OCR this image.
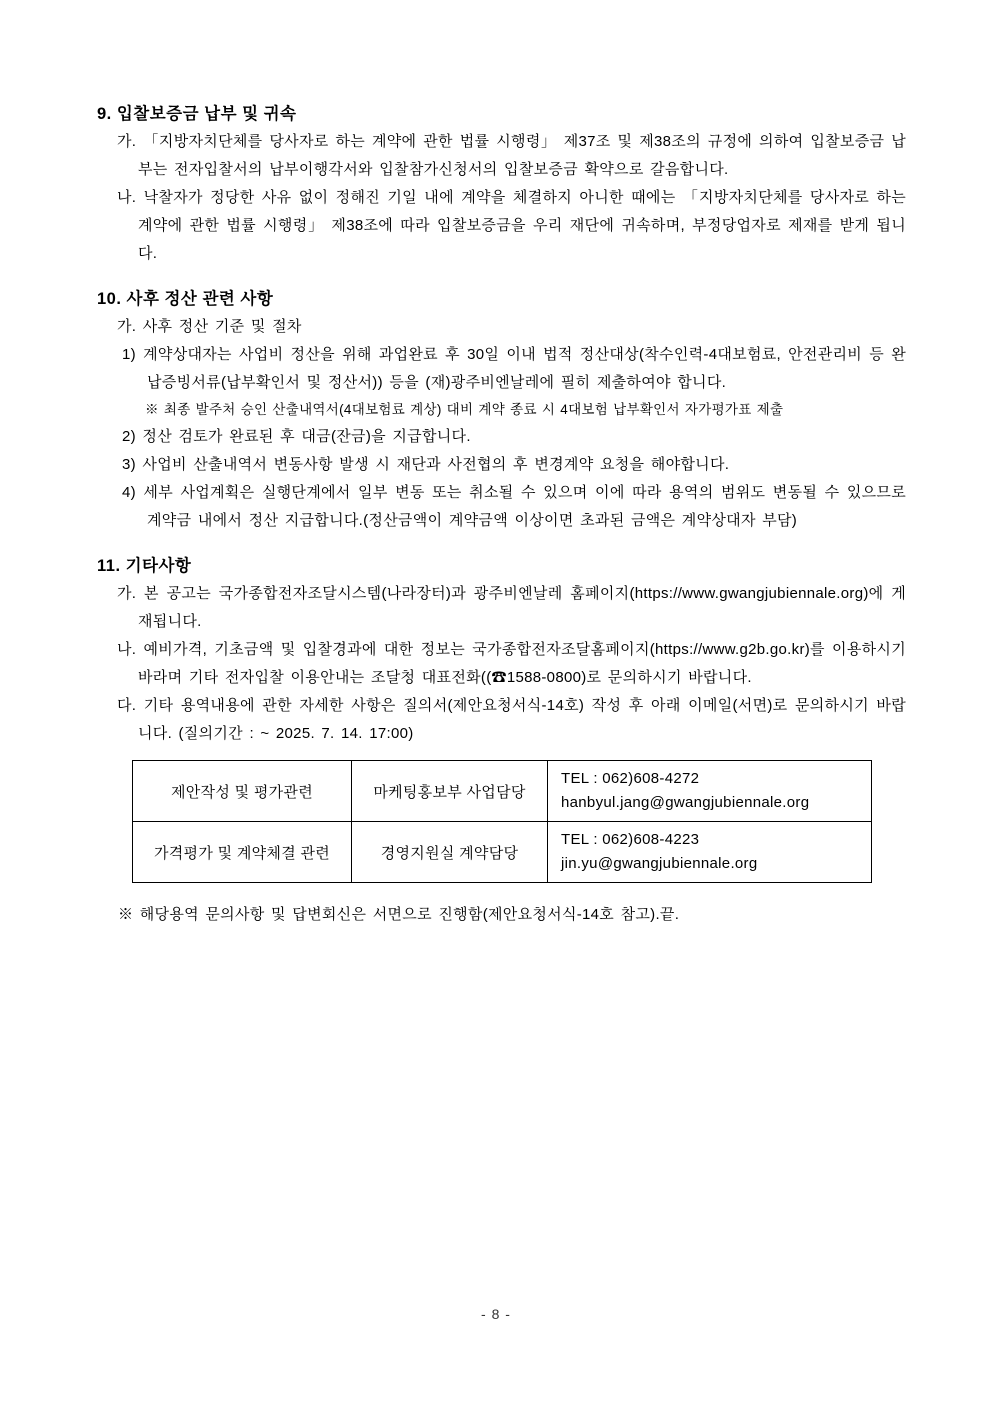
9. 입찰보증금 납부 및 귀속

가. 「지방자치단체를 당사자로 하는 계약에 관한 법률 시행령」 제37조 및 제38조의 규정에 의하여 입찰보증금 납부는 전자입찰서의 납부이행각서와 입찰참가신청서의 입찰보증금 확약으로 갈음합니다.

나. 낙찰자가 정당한 사유 없이 정해진 기일 내에 계약을 체결하지 아니한 때에는 「지방자치단체를 당사자로 하는 계약에 관한 법률 시행령」 제38조에 따라 입찰보증금을 우리 재단에 귀속하며, 부정당업자로 제재를 받게 됩니다.

10. 사후 정산 관련 사항

가. 사후 정산 기준 및 절차

1) 계약상대자는 사업비 정산을 위해 과업완료 후 30일 이내 법적 정산대상(착수인력-4대보험료, 안전관리비 등 완납증빙서류(납부확인서 및 정산서)) 등을 (재)광주비엔날레에 필히 제출하여야 합니다.

※ 최종 발주처 승인 산출내역서(4대보험료 계상) 대비 계약 종료 시 4대보험 납부확인서 자가평가표 제출

2) 정산 검토가 완료된 후 대금(잔금)을 지급합니다.

3) 사업비 산출내역서 변동사항 발생 시 재단과 사전협의 후 변경계약 요청을 해야합니다.

4) 세부 사업계획은 실행단계에서 일부 변동 또는 취소될 수 있으며 이에 따라 용역의 범위도 변동될 수 있으므로 계약금 내에서 정산 지급합니다.(정산금액이 계약금액 이상이면 초과된 금액은 계약상대자 부담)

11. 기타사항

가. 본 공고는 국가종합전자조달시스템(나라장터)과 광주비엔날레 홈페이지(https://www.gwangjubiennale.org)에 게재됩니다.

나. 예비가격, 기초금액 및 입찰경과에 대한 정보는 국가종합전자조달홈페이지(https://www.g2b.go.kr)를 이용하시기 바라며 기타 전자입찰 이용안내는 조달청 대표전화((☎1588-0800)로 문의하시기 바랍니다.

다. 기타 용역내용에 관한 자세한 사항은 질의서(제안요청서식-14호) 작성 후 아래 이메일(서면)로 문의하시기 바랍니다. (질의기간 : ~ 2025. 7. 14. 17:00)

제안작성 및 평가관련	마케팅홍보부 사업담당	TEL : 062)608-4272
hanbyul.jang@gwangjubiennale.org

가격평가 및 계약체결 관련	경영지원실 계약담당	TEL : 062)608-4223
jin.yu@gwangjubiennale.org

※ 해당용역 문의사항 및 답변회신은 서면으로 진행함(제안요청서식-14호 참고).끝.

- 8 -
